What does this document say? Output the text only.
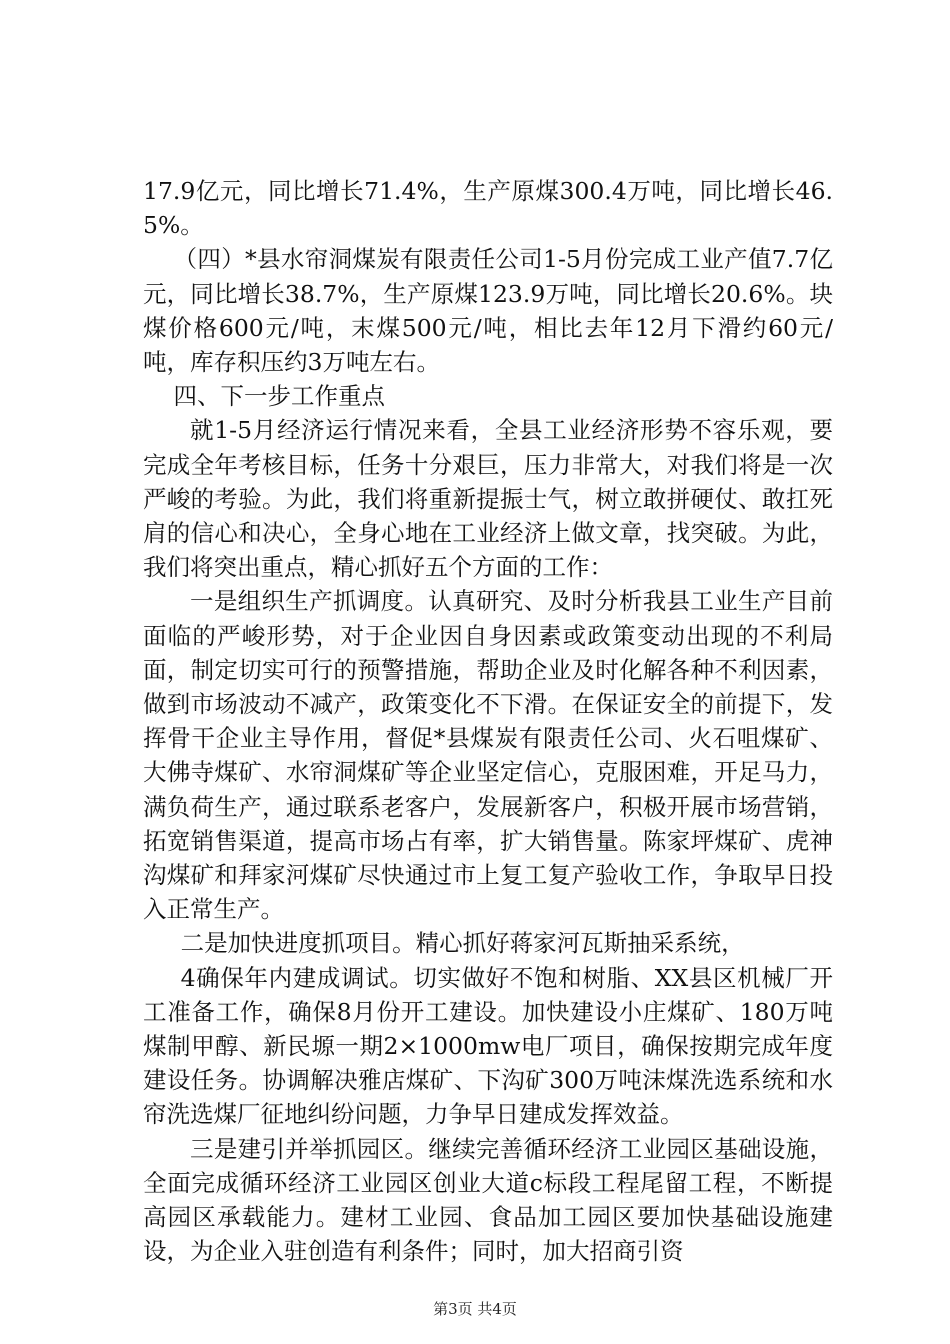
17.9亿元，同比增长71.4%，生产原煤300.4万吨，同比增长46.5%。

（四）*县水帘洞煤炭有限责任公司1-5月份完成工业产值7.7亿元，同比增长38.7%，生产原煤123.9万吨，同比增长20.6%。块煤价格600元/吨，末煤500元/吨，相比去年12月下滑约60元/吨，库存积压约3万吨左右。

四、下一步工作重点

就1-5月经济运行情况来看，全县工业经济形势不容乐观，要完成全年考核目标，任务十分艰巨，压力非常大，对我们将是一次严峻的考验。为此，我们将重新提振士气，树立敢拼硬仗、敢扛死肩的信心和决心，全身心地在工业经济上做文章，找突破。为此，我们将突出重点，精心抓好五个方面的工作：

一是组织生产抓调度。认真研究、及时分析我县工业生产目前面临的严峻形势，对于企业因自身因素或政策变动出现的不利局面，制定切实可行的预警措施，帮助企业及时化解各种不利因素，做到市场波动不减产，政策变化不下滑。在保证安全的前提下，发挥骨干企业主导作用，督促*县煤炭有限责任公司、火石咀煤矿、大佛寺煤矿、水帘洞煤矿等企业坚定信心，克服困难，开足马力，满负荷生产，通过联系老客户，发展新客户，积极开展市场营销，拓宽销售渠道，提高市场占有率，扩大销售量。陈家坪煤矿、虎神沟煤矿和拜家河煤矿尽快通过市上复工复产验收工作，争取早日投入正常生产。

二是加快进度抓项目。精心抓好蒋家河瓦斯抽采系统，

4确保年内建成调试。切实做好不饱和树脂、XX县区机械厂开工准备工作，确保8月份开工建设。加快建设小庄煤矿、180万吨煤制甲醇、新民塬一期2×1000mw电厂项目，确保按期完成年度建设任务。协调解决雅店煤矿、下沟矿300万吨沫煤洗选系统和水帘洗选煤厂征地纠纷问题，力争早日建成发挥效益。

三是建引并举抓园区。继续完善循环经济工业园区基础设施，全面完成循环经济工业园区创业大道c标段工程尾留工程，不断提高园区承载能力。建材工业园、食品加工园区要加快基础设施建设，为企业入驻创造有利条件；同时，加大招商引资

第3页 共4页
